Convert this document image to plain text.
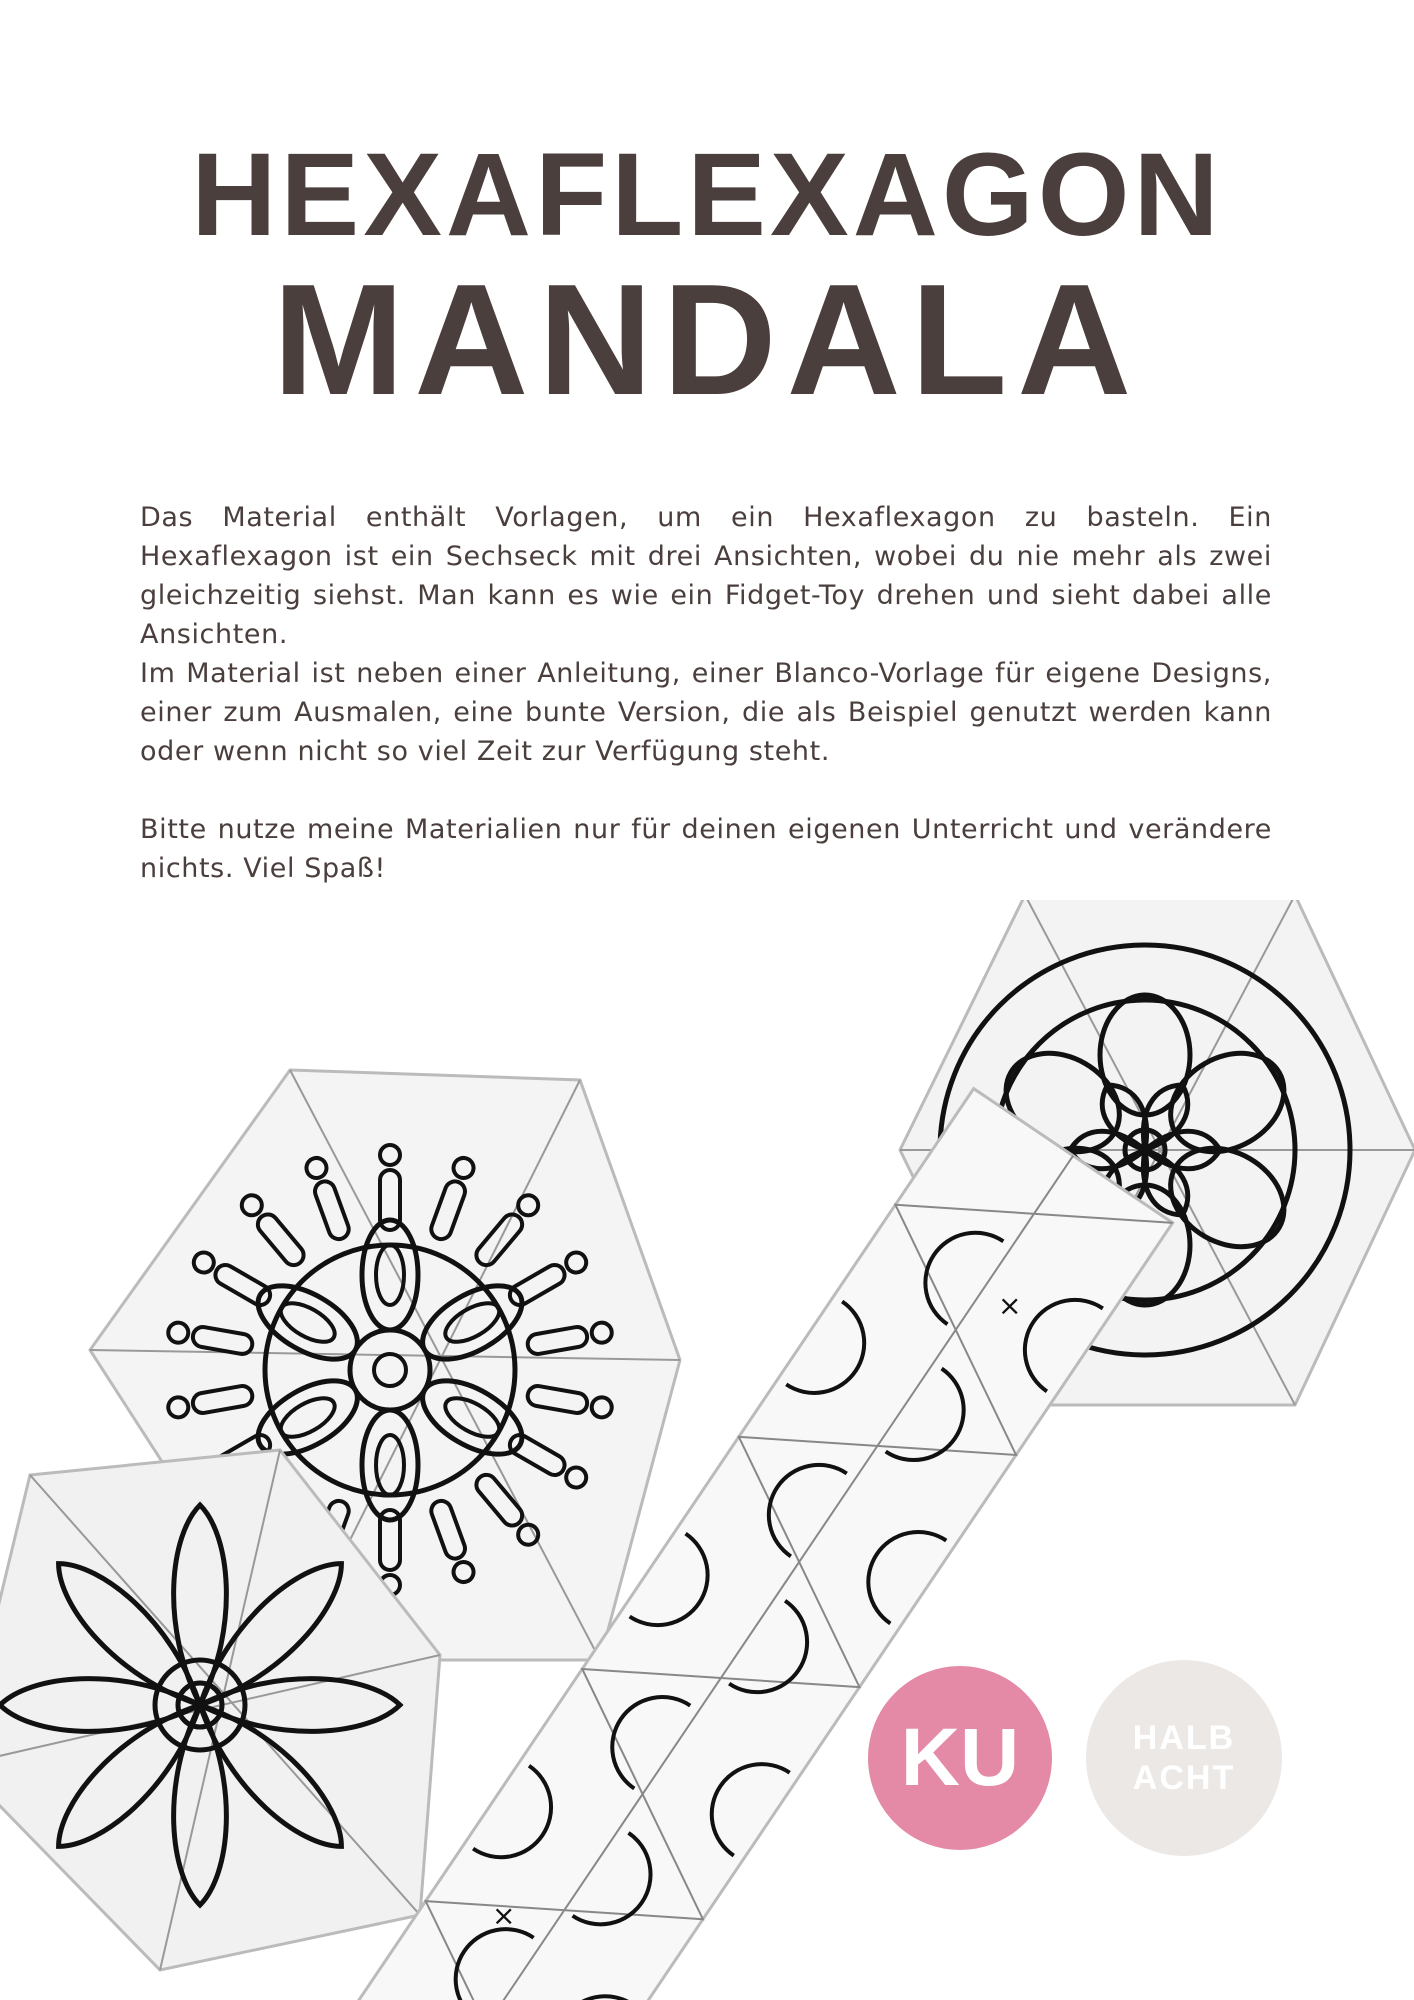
HEXAFLEXAGON
MANDALA

Das Material enthält Vorlagen, um ein Hexaflexagon zu basteln. Ein Hexaflexagon ist ein Sechseck mit drei Ansichten, wobei du nie mehr als zwei gleichzeitig siehst. Man kann es wie ein Fidget-Toy drehen und sieht dabei alle Ansichten.

Im Material ist neben einer Anleitung, einer Blanco-Vorlage für eigene Designs, einer zum Ausmalen, eine bunte Version, die als Beispiel genutzt werden kann oder wenn nicht so viel Zeit zur Verfügung steht.

Bitte nutze meine Materialien nur für deinen eigenen Unterricht und verändere nichts. Viel Spaß!

×
×
KU	HALB
ACHT
